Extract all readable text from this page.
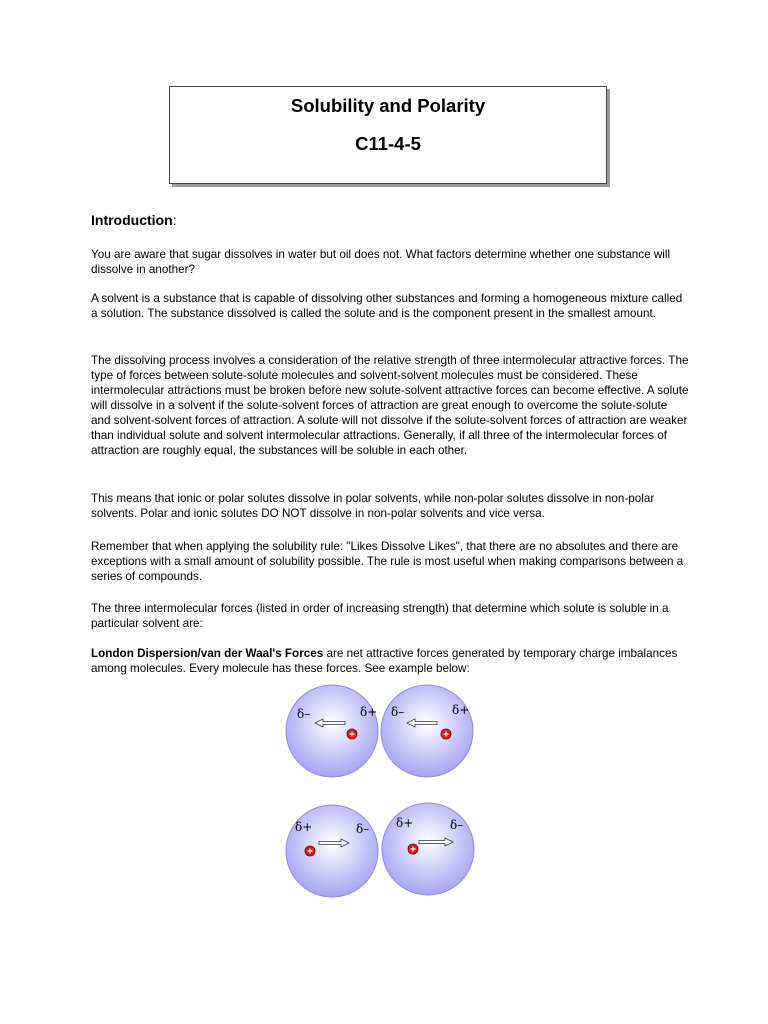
Solubility and Polarity
C11-4-5
Introduction:

You are aware that sugar dissolves in water but oil does not. What factors determine whether one substance will dissolve in another?

A solvent is a substance that is capable of dissolving other substances and forming a homogeneous mixture called a solution. The substance dissolved is called the solute and is the component present in the smallest amount.

The dissolving process involves a consideration of the relative strength of three intermolecular attractive forces. The type of forces between solute-solute molecules and solvent-solvent molecules must be considered. These intermolecular attractions must be broken before new solute-solvent attractive forces can become effective. A solute will dissolve in a solvent if the solute-solvent forces of attraction are great enough to overcome the solute-solute and solvent-solvent forces of attraction. A solute will not dissolve if the solute-solvent forces of attraction are weaker than individual solute and solvent intermolecular attractions. Generally, if all three of the intermolecular forces of attraction are roughly equal, the substances will be soluble in each other.

This means that ionic or polar solutes dissolve in polar solvents, while non-polar solutes dissolve in non-polar solvents. Polar and ionic solutes DO NOT dissolve in non-polar solvents and vice versa.

Remember that when applying the solubility rule: "Likes Dissolve Likes", that there are no absolutes and there are exceptions with a small amount of solubility possible. The rule is most useful when making comparisons between a series of compounds.

The three intermolecular forces (listed in order of increasing strength) that determine which solute is soluble in a particular solvent are:

London Dispersion/van der Waal's Forces are net attractive forces generated by temporary charge imbalances among molecules. Every molecule has these forces. See example below:

δ–	δ+ δ–	δ+
δ+	δ– δ+	δ–
